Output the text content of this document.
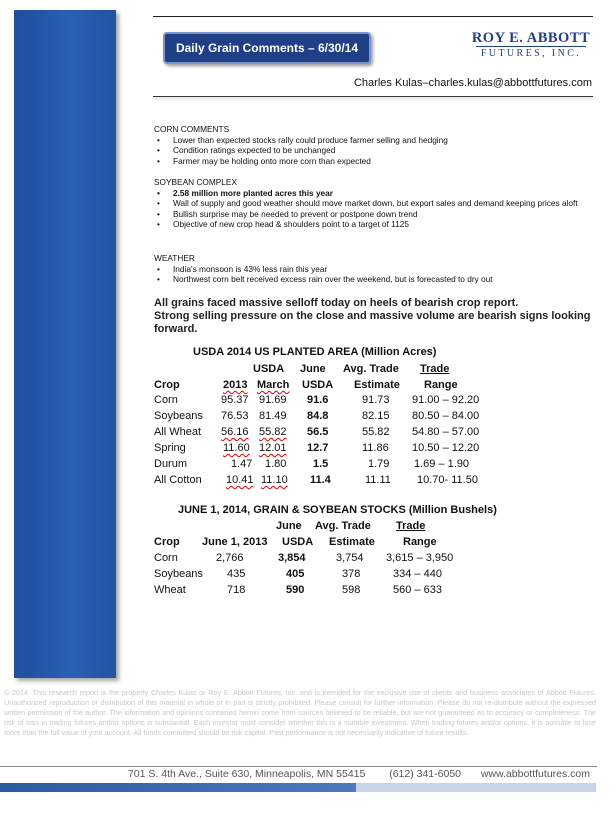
Daily Grain Comments – 6/30/14
ROY E. ABBOTT
FUTURES, INC.
Charles Kulas–charles.kulas@abbottfutures.com
CORN COMMENTS
• Lower than expected stocks rally could produce farmer selling and hedging
• Condition ratings expected to be unchanged
• Farmer may be holding onto more corn than expected
SOYBEAN COMPLEX
• 2.58 million more planted acres this year
• Wall of supply and good weather should move market down, but export sales and demand keeping prices aloft
• Bullish surprise may be needed to prevent or postpone down trend
• Objective of new crop head & shoulders point to a target of 1125
WEATHER
• India's monsoon is 43% less rain this year
• Northwest corn belt received excess rain over the weekend, but is forecasted to dry out
All grains faced massive selloff today on heels of bearish crop report.
Strong selling pressure on the close and massive volume are bearish signs looking forward.
USDA 2014 US PLANTED AREA (Million Acres)
USDA June Avg. Trade Trade
Crop	2013 March USDA Estimate Range
Corn	95.37 91.69 91.6	91.73 91.00 – 92.20
Soybeans 76.53 81.49 84.8	82.15 80.50 – 84.00
All Wheat 56.16 55.82 56.5	55.82 54.80 – 57.00
Spring	11.60 12.01 12.7	11.86 10.50 – 12.20
Durum	1.47 1.80 1.5	1.79 1.69 – 1.90
All Cotton 10.41 11.10 11.4	11.11 10.70- 11.50
JUNE 1, 2014, GRAIN & SOYBEAN STOCKS (Million Bushels)
June Avg. Trade Trade
Crop June 1, 2013 USDA Estimate	Range
Corn	2,766	3,854	3,754 3,615 – 3,950
Soybeans 435	405	378	334 – 440
Wheat	718	590	598	560 – 633
© 2014. This research report is the property Charles Kulas or Roy E. Abbott Futures, Inc. and is intended for the exclusive use of clients and business associates of Abbott Futures. Unauthorized reproduction or distribution of this material in whole or in part is strictly prohibited. Please consult for further information. Please do not re-distribute without the expressed written permission of the author. The information and opinions contained herein come from sources believed to be reliable, but are not guaranteed as to accuracy or completeness. The risk of loss in trading futures and/or options is substantial. Each investor must consider whether this is a suitable investment. When trading futures and/or options, it is possible to lose more than the full value of your account. All funds committed should be risk capital. Past performance is not necessarily indicative of future results.
701 S. 4th Ave., Suite 630, Minneapolis, MN 55415 (612) 341-6050 www.abbottfutures.com
